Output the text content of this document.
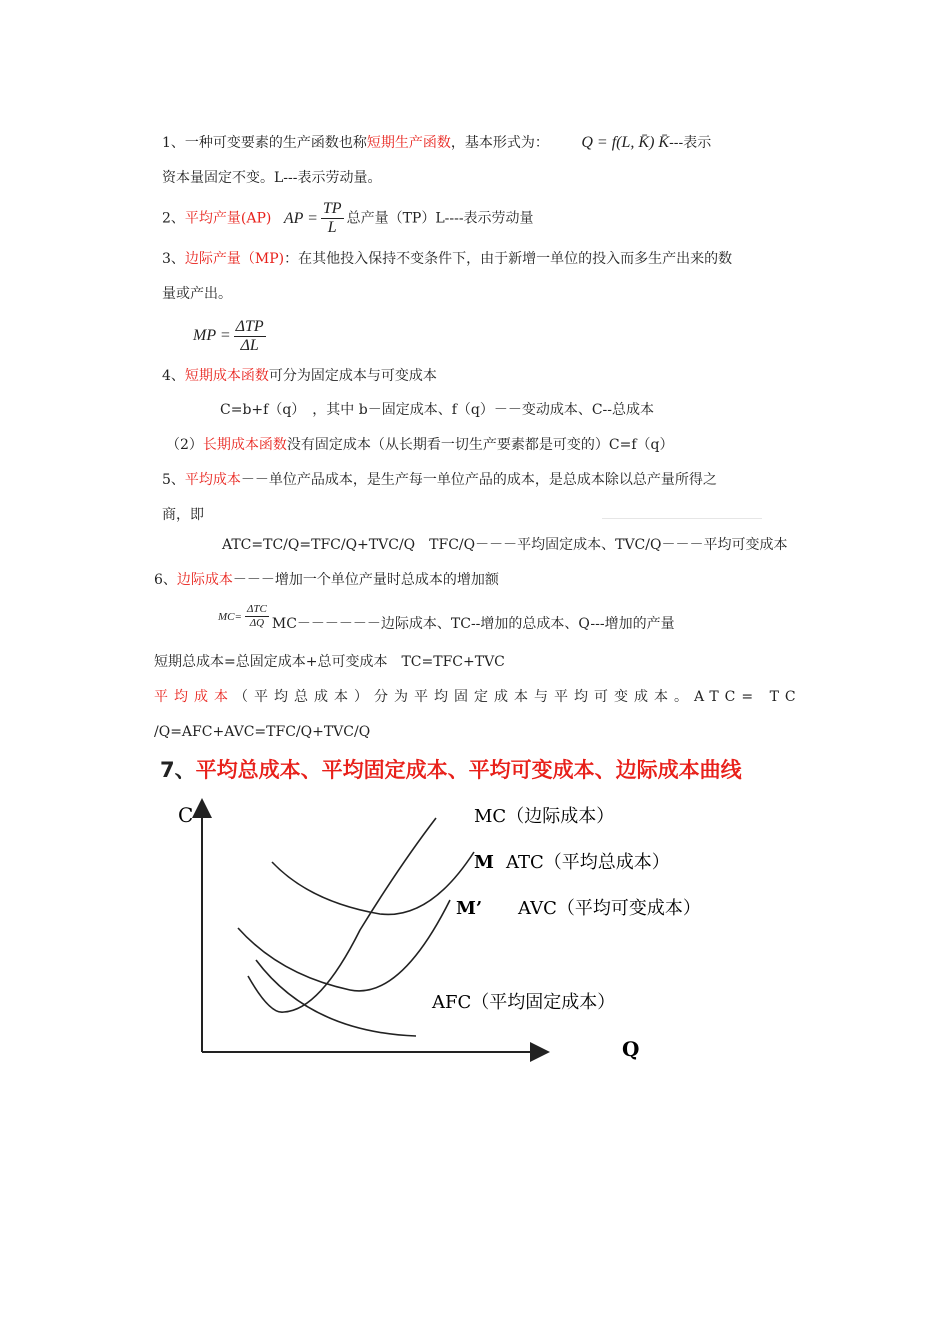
1、一种可变要素的生产函数也称短期生产函数，基本形式为： Q = f(L, K̄) K̄---表示
资本量固定不变。L---表示劳动量。
2、平均产量(AP) AP = $\frac{TP}{L}$ 总产量（TP）L----表示劳动量
3、边际产量（MP)：在其他投入保持不变条件下，由于新增一单位的投入而多生产出来的数
量或产出。
MP = $\frac{\text{ΔTP}}{\Delta L}$
4、短期成本函数可分为固定成本与可变成本
C=b+f（q）　 ，其中 b－固定成本、f（q）－－变动成本、C--总成本
（2）长期成本函数没有固定成本（从长期看一切生产要素都是可变的）C=f（q）
5、平均成本－－单位产品成本，是生产每一单位产品的成本，是总成本除以总产量所得之
商，即
ATC=TC/Q=TFC/Q+TVC/Q　 TFC/Q－－－平均固定成本、TVC/Q－－－平均可变成本
6、边际成本－－－增加一个单位产量时总成本的增加额
$MC= \frac{\text{ΔTC}}{\Delta Q} MC------$边际成本、TC--增加的总成本、Q---增加的产量
短期总成本=总固定成本+总可变成本　TC=TFC+TVC
平均成本（平均总成本）分为平均固定成本与平均可变成本。ATC= TC
/Q=AFC+AVC=TFC/Q+TVC/Q
7、平均总成本、平均固定成本、平均可变成本、边际成本曲线
C
Q
MC（边际成本）
M ATC（平均总成本）
M’ AVC（平均可变成本）
AFC（平均固定成本）
